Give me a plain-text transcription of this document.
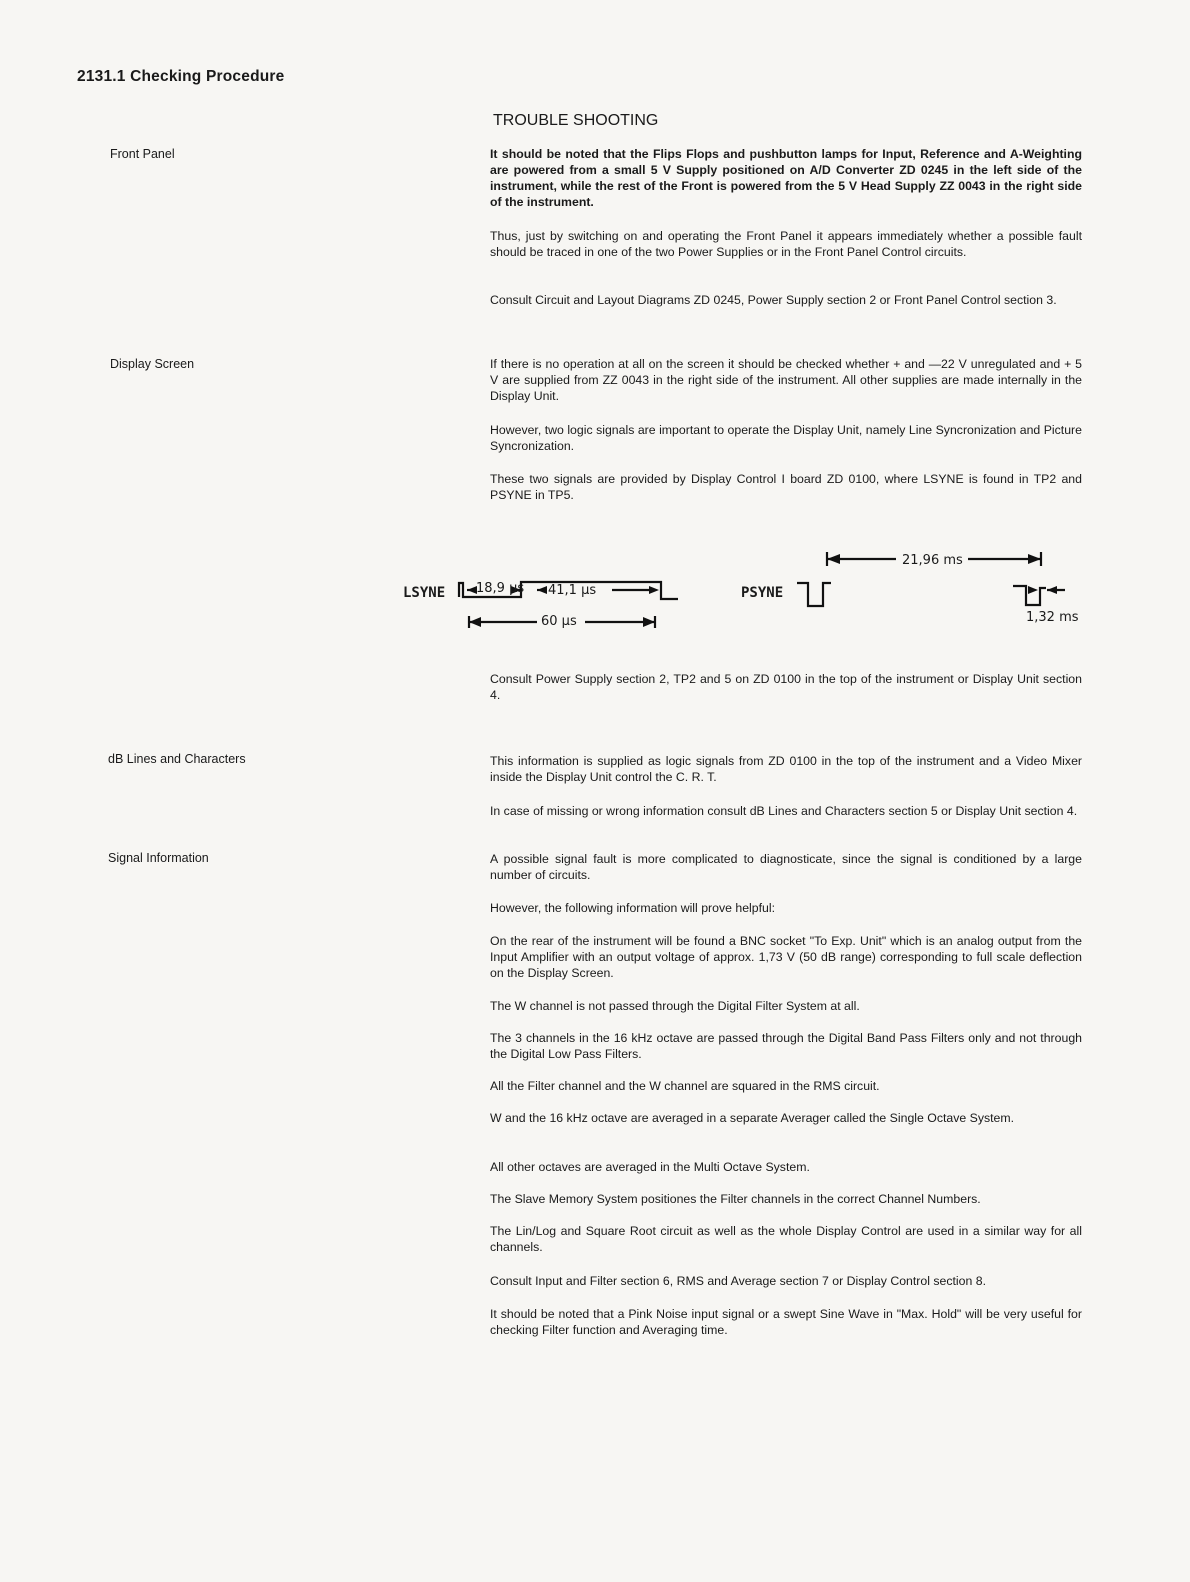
2131.1 Checking Procedure
TROUBLE SHOOTING
Front Panel	It should be noted that the Flips Flops and pushbutton lamps for Input, Reference and A-Weighting are powered from a small 5 V Supply positioned on A/D Converter ZD 0245 in the left side of the instrument, while the rest of the Front is powered from the 5 V Head Supply ZZ 0043 in the right side of the instrument.

Thus, just by switching on and operating the Front Panel it appears immediately whether a possible fault should be traced in one of the two Power Supplies or in the Front Panel Control circuits.

Consult Circuit and Layout Diagrams ZD 0245, Power Supply section 2 or Front Panel Control section 3.

Display Screen	If there is no operation at all on the screen it should be checked whether + and —22 V unregulated and + 5 V are supplied from ZZ 0043 in the right side of the instrument. All other supplies are made internally in the Display Unit.

However, two logic signals are important to operate the Display Unit, namely Line Syncronization and Picture Syncronization.

These two signals are provided by Display Control I board ZD 0100, where LSYNE is found in TP2 and PSYNE in TP5.

LSYNE 18,9 µs 41,1 µs
60 µs
PSYNE
21,96 ms
1,32 ms

Consult Power Supply section 2, TP2 and 5 on ZD 0100 in the top of the instrument or Display Unit section 4.

dB Lines and Characters	This information is supplied as logic signals from ZD 0100 in the top of the instrument and a Video Mixer inside the Display Unit control the C. R. T.

In case of missing or wrong information consult dB Lines and Characters section 5 or Display Unit section 4.

Signal Information	A possible signal fault is more complicated to diagnosticate, since the signal is conditioned by a large number of circuits.

However, the following information will prove helpful:

On the rear of the instrument will be found a BNC socket "To Exp. Unit" which is an analog output from the Input Amplifier with an output voltage of approx. 1,73 V (50 dB range) corresponding to full scale deflection on the Display Screen.

The W channel is not passed through the Digital Filter System at all.

The 3 channels in the 16 kHz octave are passed through the Digital Band Pass Filters only and not through the Digital Low Pass Filters.

All the Filter channel and the W channel are squared in the RMS circuit.

W and the 16 kHz octave are averaged in a separate Averager called the Single Octave System.

All other octaves are averaged in the Multi Octave System.

The Slave Memory System positiones the Filter channels in the correct Channel Numbers.

The Lin/Log and Square Root circuit as well as the whole Display Control are used in a similar way for all channels.

Consult Input and Filter section 6, RMS and Average section 7 or Display Control section 8.

It should be noted that a Pink Noise input signal or a swept Sine Wave in "Max. Hold" will be very useful for checking Filter function and Averaging time.
